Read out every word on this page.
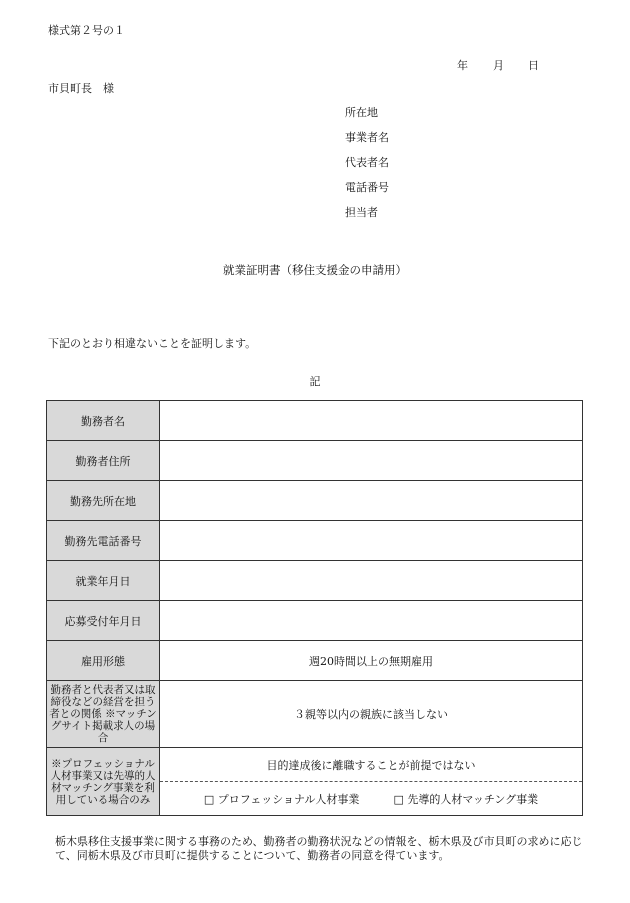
様式第２号の１
年 月 日
市貝町長　様
所在地
事業者名
代表者名
電話番号
担当者
就業証明書（移住支援金の申請用）
下記のとおり相違ないことを証明します。
記
勤務者名	
勤務者住所	
勤務先所在地	
勤務先電話番号	
就業年月日	
応募受付年月日	
雇用形態	週20時間以上の無期雇用
勤務者と代表者又は取締役などの経営を担う者との関係 ※マッチングサイト掲載求人の場合	３親等以内の親族に該当しない
※プロフェッショナル人材事業又は先導的人材マッチング事業を利用している場合のみ	目的達成後に離職することが前提ではない

	□ プロフェッショナル人材事業 □ 先導的人材マッチング事業
栃木県移住支援事業に関する事務のため、勤務者の勤務状況などの情報を、栃木県及び市貝町の求めに応じて、同栃木県及び市貝町に提供することについて、勤務者の同意を得ています。
